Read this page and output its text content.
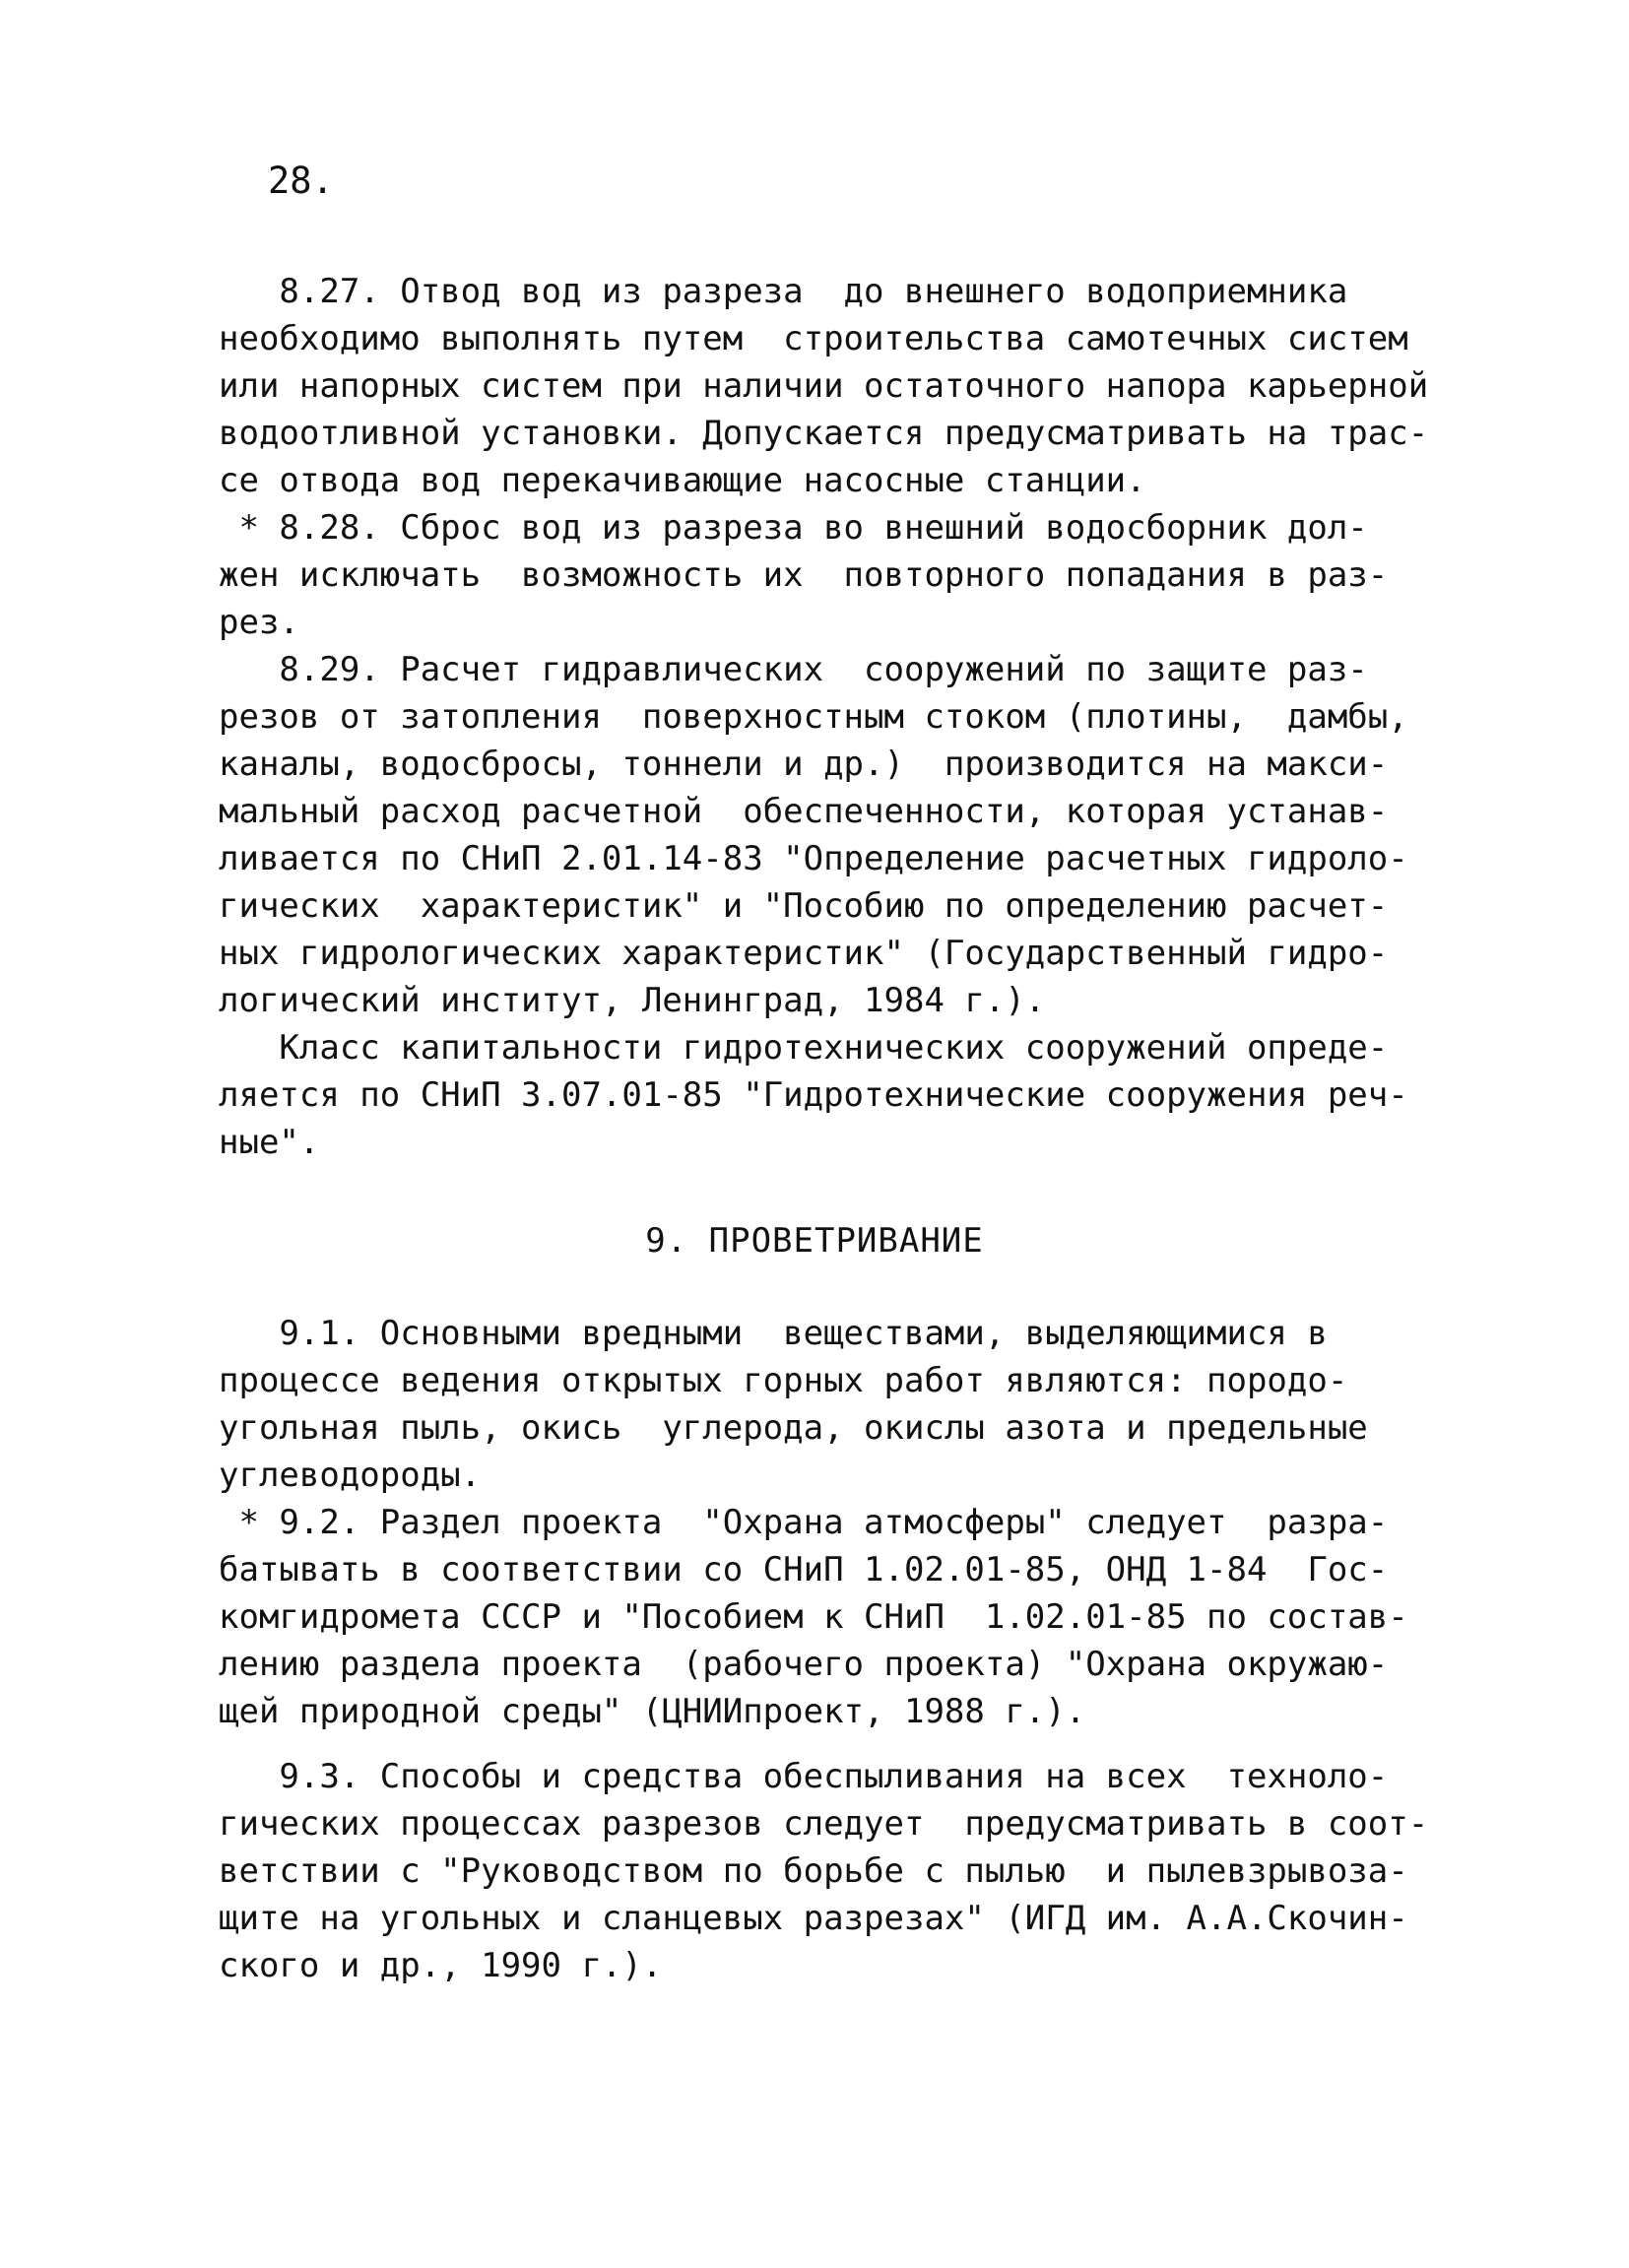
28.
8.27. Отвод вод из разреза  до внешнего водоприемника
необходимо выполнять путем  строительства самотечных систем
или напорных систем при наличии остаточного напора карьерной
водоотливной установки. Допускается предусматривать на трас-
се отвода вод перекачивающие насосные станции.
* 8.28. Сброс вод из разреза во внешний водосборник дол-
жен исключать  возможность их  повторного попадания в раз-
рез.
8.29. Расчет гидравлических  сооружений по защите раз-
резов от затопления  поверхностным стоком (плотины,  дамбы,
каналы, водосбросы, тоннели и др.)  производится на макси-
мальный расход расчетной  обеспеченности, которая устанав-
ливается по СНиП 2.01.14-83 "Определение расчетных гидроло-
гических  характеристик" и "Пособию по определению расчет-
ных гидрологических характеристик" (Государственный гидро-
логический институт, Ленинград, 1984 г.).
Класс капитальности гидротехнических сооружений опреде-
ляется по СНиП 3.07.01-85 "Гидротехнические сооружения реч-
ные".
9. ПРОВЕТРИВАНИЕ
9.1. Основными вредными  веществами, выделяющимися в
процессе ведения открытых горных работ являются: породо-
угольная пыль, окись  углерода, окислы азота и предельные
углеводороды.
* 9.2. Раздел проекта  "Охрана атмосферы" следует  разра-
батывать в соответствии со СНиП 1.02.01-85, ОНД 1-84  Гос-
комгидромета СССР и "Пособием к СНиП  1.02.01-85 по состав-
лению раздела проекта  (рабочего проекта) "Охрана окружаю-
щей природной среды" (ЦНИИпроект, 1988 г.).
9.3. Способы и средства обеспыливания на всех  техноло-
гических процессах разрезов следует  предусматривать в соот-
ветствии с "Руководством по борьбе с пылью  и пылевзрывоза-
щите на угольных и сланцевых разрезах" (ИГД им. А.А.Скочин-
ского и др., 1990 г.).
